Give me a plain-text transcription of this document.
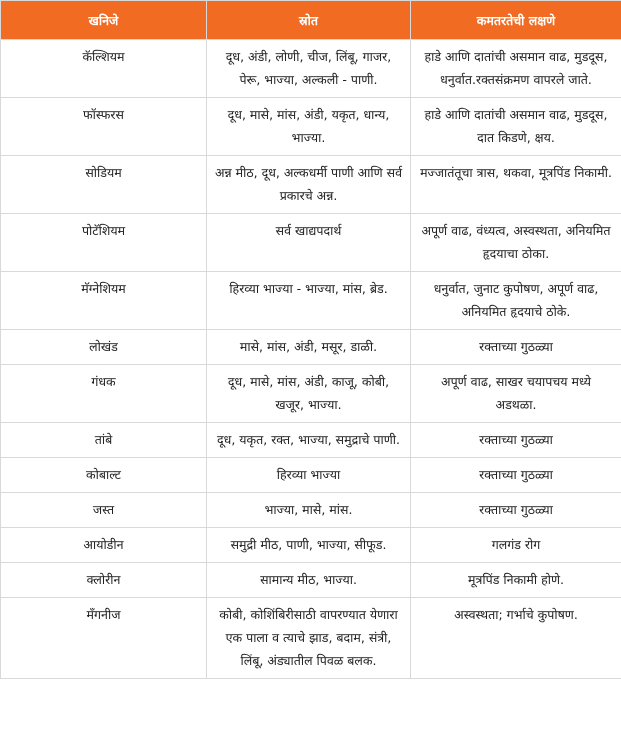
खनिजे	स्रोत	कमतरतेची लक्षणे
कॅल्शियम	दूध, अंडी, लोणी, चीज, लिंबू, गाजर, पेरू, भाज्या, अल्कली - पाणी.	हाडे आणि दातांची असमान वाढ, मुडदूस, धनुर्वात.रक्तसंक्रमण वापरले जाते.
फॉस्फरस	दूध, मासे, मांस, अंडी, यकृत, धान्य, भाज्या.	हाडे आणि दातांची असमान वाढ, मुडदूस, दात किडणे, क्षय.
सोडियम	अन्न मीठ, दूध, अल्कधर्मी पाणी आणि सर्व प्रकारचे अन्न.	मज्जातंतूचा त्रास, थकवा, मूत्रपिंड निकामी.
पोटॅशियम	सर्व खाद्यपदार्थ	अपूर्ण वाढ, वंध्यत्व, अस्वस्थता, अनियमित हृदयाचा ठोका.
मॅग्नेशियम	हिरव्या भाज्या - भाज्या, मांस, ब्रेड.	धनुर्वात, जुनाट कुपोषण, अपूर्ण वाढ, अनियमित हृदयाचे ठोके.
लोखंड	मासे, मांस, अंडी, मसूर, डाळी.	रक्ताच्या गुठळ्या
गंधक	दूध, मासे, मांस, अंडी, काजू, कोबी, खजूर, भाज्या.	अपूर्ण वाढ, साखर चयापचय मध्ये अडथळा.
तांबे	दूध, यकृत, रक्त, भाज्या, समुद्राचे पाणी.	रक्ताच्या गुठळ्या
कोबाल्ट	हिरव्या भाज्या	रक्ताच्या गुठळ्या
जस्त	भाज्या, मासे, मांस.	रक्ताच्या गुठळ्या
आयोडीन	समुद्री मीठ, पाणी, भाज्या, सीफूड.	गलगंड रोग
क्लोरीन	सामान्य मीठ, भाज्या.	मूत्रपिंड निकामी होणे.
मॅंगनीज	कोबी, कोशिंबिरीसाठी वापरण्यात येणारा एक पाला व त्याचे झाड, बदाम, संत्री, लिंबू, अंड्यातील पिवळ बलक.	अस्वस्थता; गर्भाचे कुपोषण.
